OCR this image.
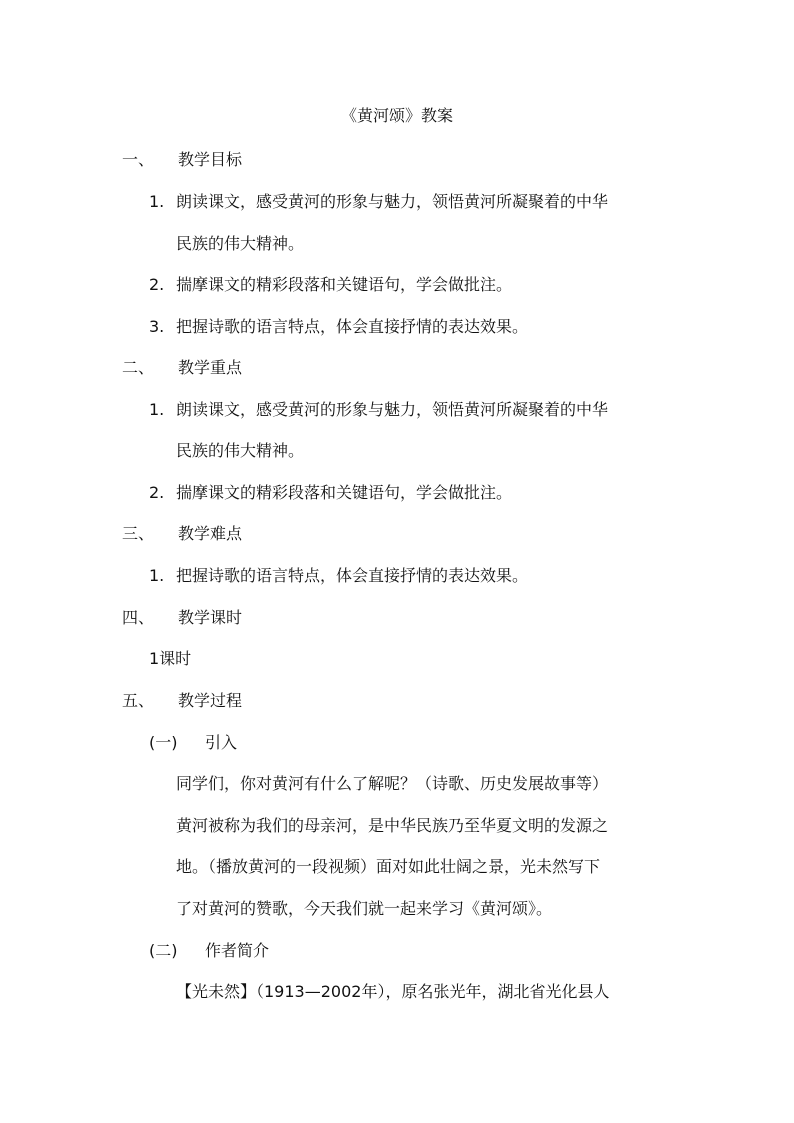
《黄河颂》教案
一、 教学目标
1. 朗读课文，感受黄河的形象与魅力，领悟黄河所凝聚着的中华
民族的伟大精神。
2. 揣摩课文的精彩段落和关键语句，学会做批注。
3. 把握诗歌的语言特点，体会直接抒情的表达效果。
二、 教学重点
1. 朗读课文，感受黄河的形象与魅力，领悟黄河所凝聚着的中华
民族的伟大精神。
2. 揣摩课文的精彩段落和关键语句，学会做批注。
三、 教学难点
1. 把握诗歌的语言特点，体会直接抒情的表达效果。
四、 教学课时
1课时
五、 教学过程
(一) 引入
同学们，你对黄河有什么了解呢？（诗歌、历史发展故事等）
黄河被称为我们的母亲河，是中华民族乃至华夏文明的发源之
地。（播放黄河的一段视频）面对如此壮阔之景，光未然写下
了对黄河的赞歌，今天我们就一起来学习《黄河颂》。
(二) 作者简介
【光未然】（1913—2002年），原名张光年，湖北省光化县人
